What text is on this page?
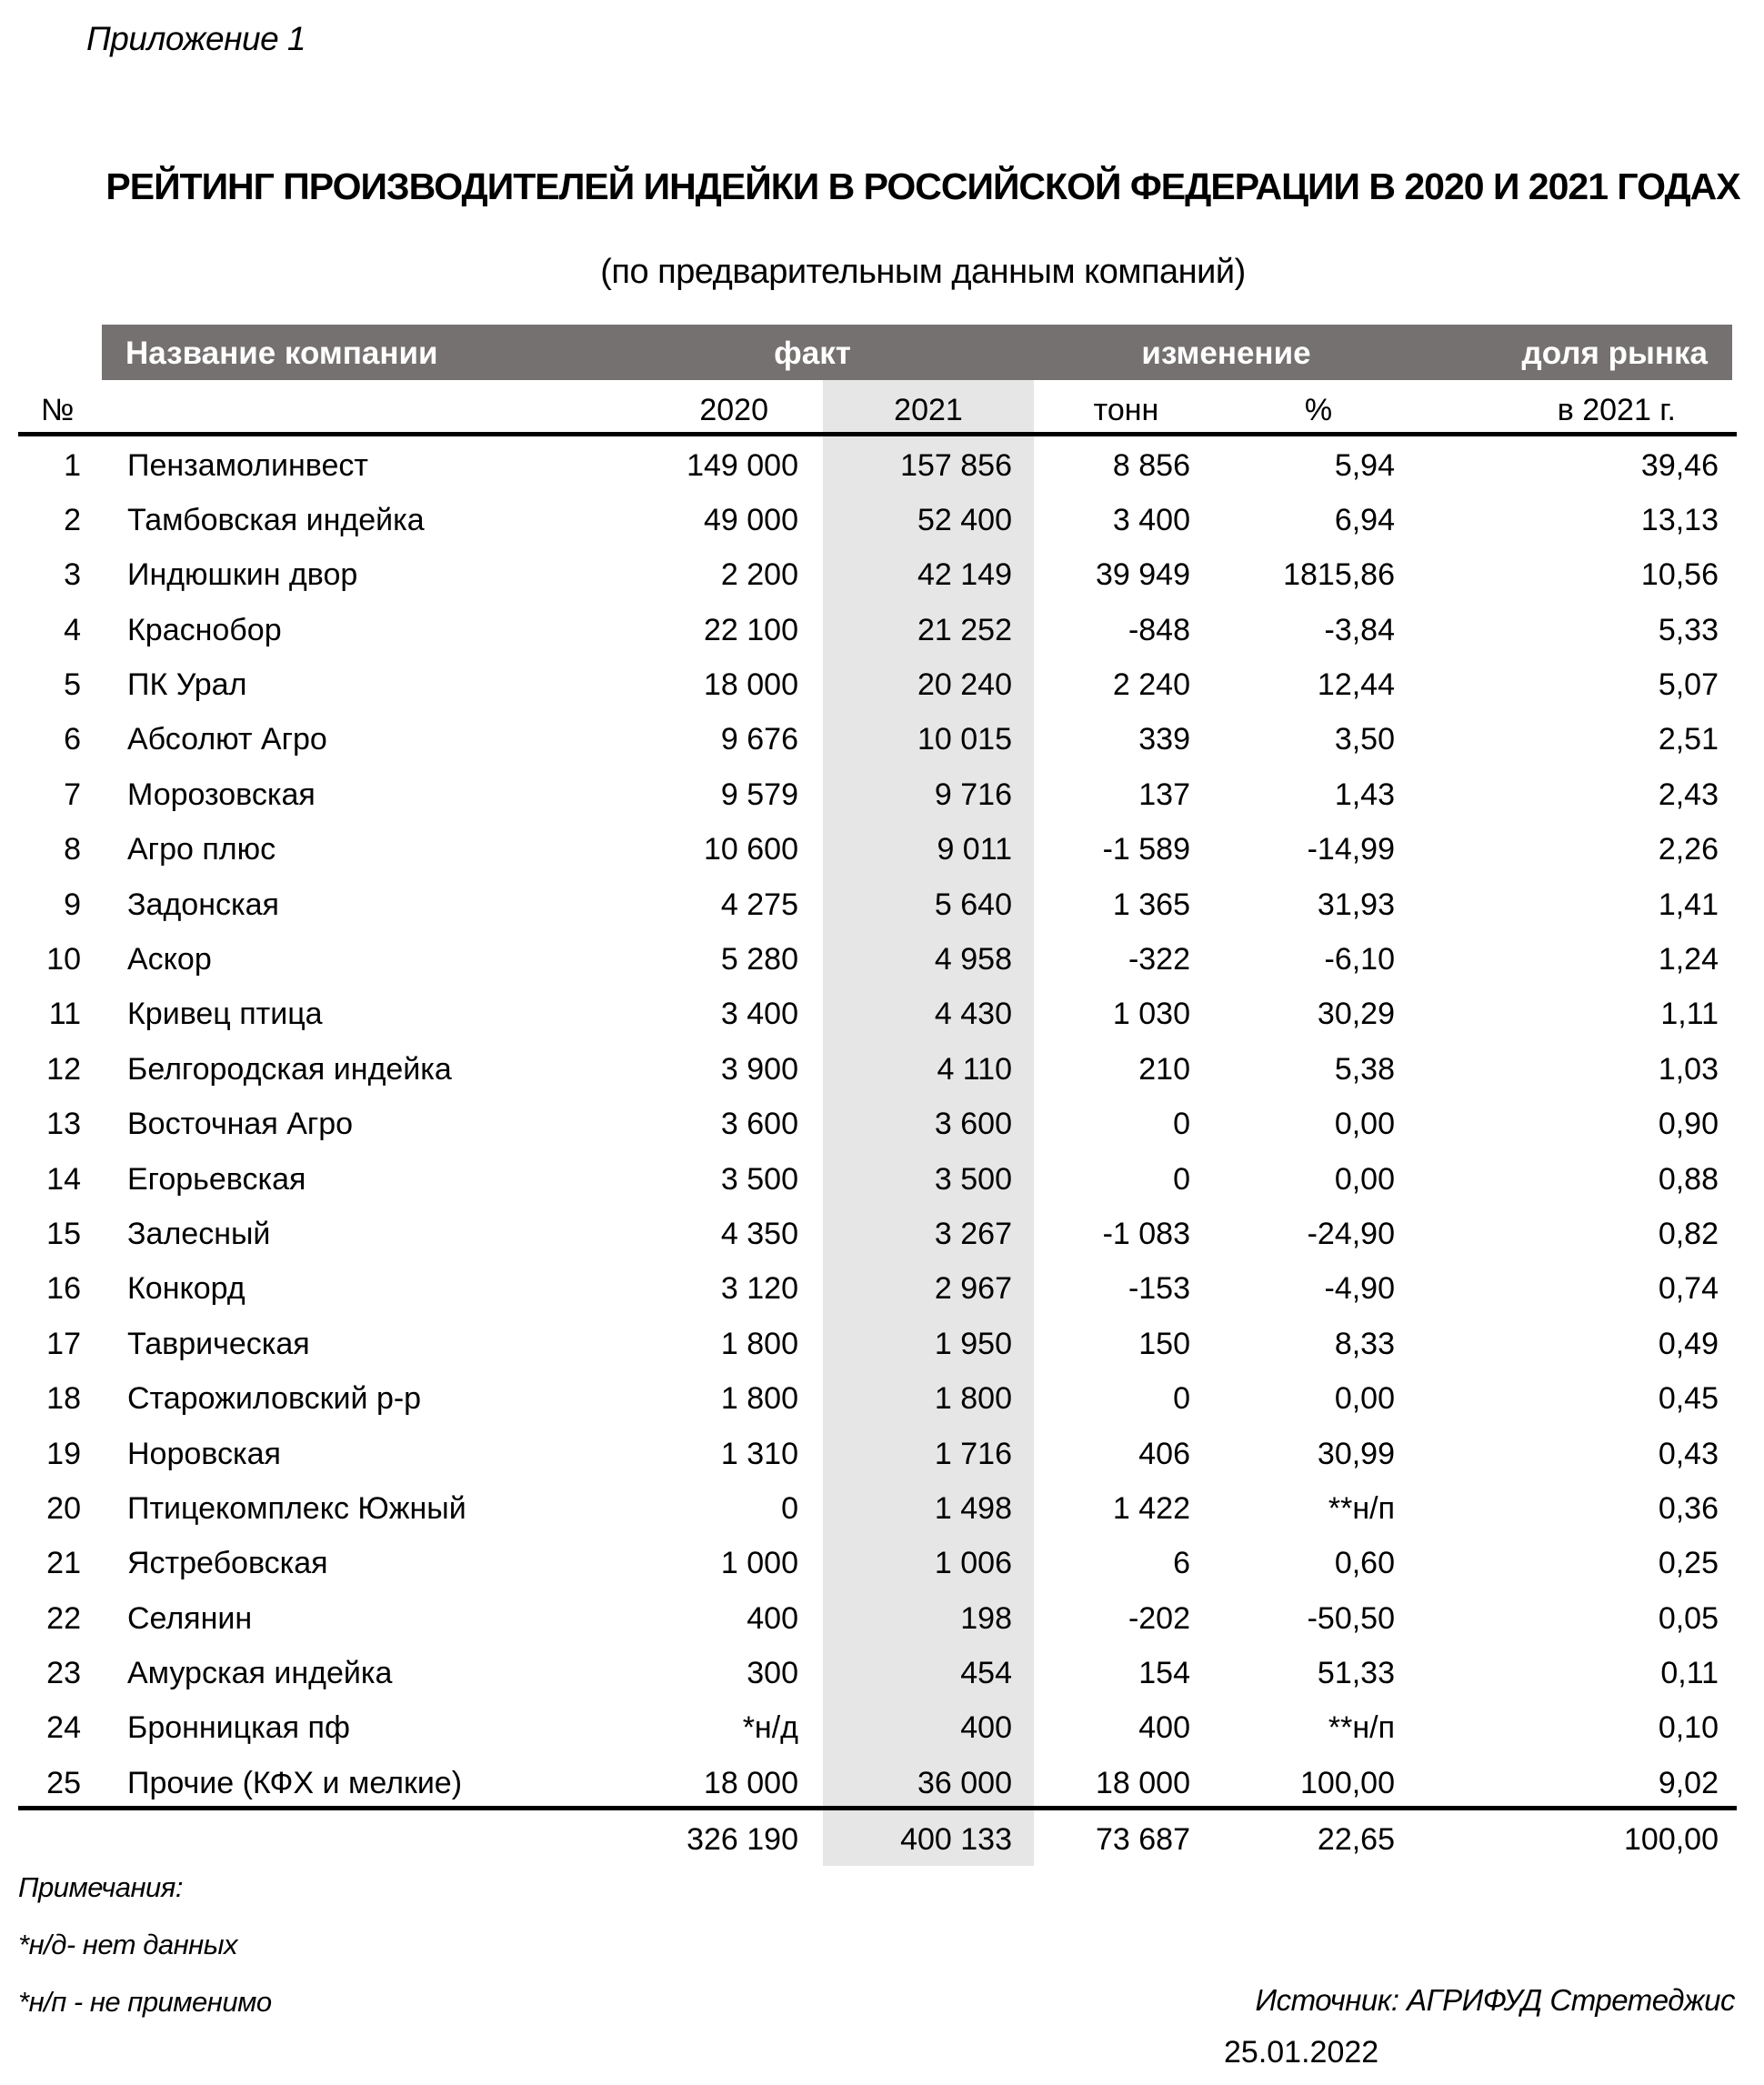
Приложение 1
РЕЙТИНГ ПРОИЗВОДИТЕЛЕЙ ИНДЕЙКИ В РОССИЙСКОЙ ФЕДЕРАЦИИ В 2020 И 2021 ГОДАХ
(по предварительным данным компаний)
Название компании	факт	изменение	доля рынка
№		2020	2021	тонн	%	в 2021 г.
1	Пензамолинвест	149 000	157 856	8 856	5,94	39,46
2	Тамбовская индейка	49 000	52 400	3 400	6,94	13,13
3	Индюшкин двор	2 200	42 149	39 949	1815,86	10,56
4	Краснобор	22 100	21 252	-848	-3,84	5,33
5	ПК Урал	18 000	20 240	2 240	12,44	5,07
6	Абсолют Агро	9 676	10 015	339	3,50	2,51
7	Морозовская	9 579	9 716	137	1,43	2,43
8	Агро плюс	10 600	9 011	-1 589	-14,99	2,26
9	Задонская	4 275	5 640	1 365	31,93	1,41
10	Аскор	5 280	4 958	-322	-6,10	1,24
11	Кривец птица	3 400	4 430	1 030	30,29	1,11
12	Белгородская индейка	3 900	4 110	210	5,38	1,03
13	Восточная Агро	3 600	3 600	0	0,00	0,90
14	Егорьевская	3 500	3 500	0	0,00	0,88
15	Залесный	4 350	3 267	-1 083	-24,90	0,82
16	Конкорд	3 120	2 967	-153	-4,90	0,74
17	Таврическая	1 800	1 950	150	8,33	0,49
18	Старожиловский р-р	1 800	1 800	0	0,00	0,45
19	Норовская	1 310	1 716	406	30,99	0,43
20	Птицекомплекс Южный	0	1 498	1 422	**н/п	0,36
21	Ястребовская	1 000	1 006	6	0,60	0,25
22	Селянин	400	198	-202	-50,50	0,05
23	Амурская индейка	300	454	154	51,33	0,11
24	Бронницкая пф	*н/д	400	400	**н/п	0,10
25	Прочие (КФХ и мелкие)	18 000	36 000	18 000	100,00	9,02
		326 190	400 133	73 687	22,65	100,00
Примечания:
*н/д- нет данных
*н/п - не применимо	Источник: АГРИФУД Стретеджис
25.01.2022
